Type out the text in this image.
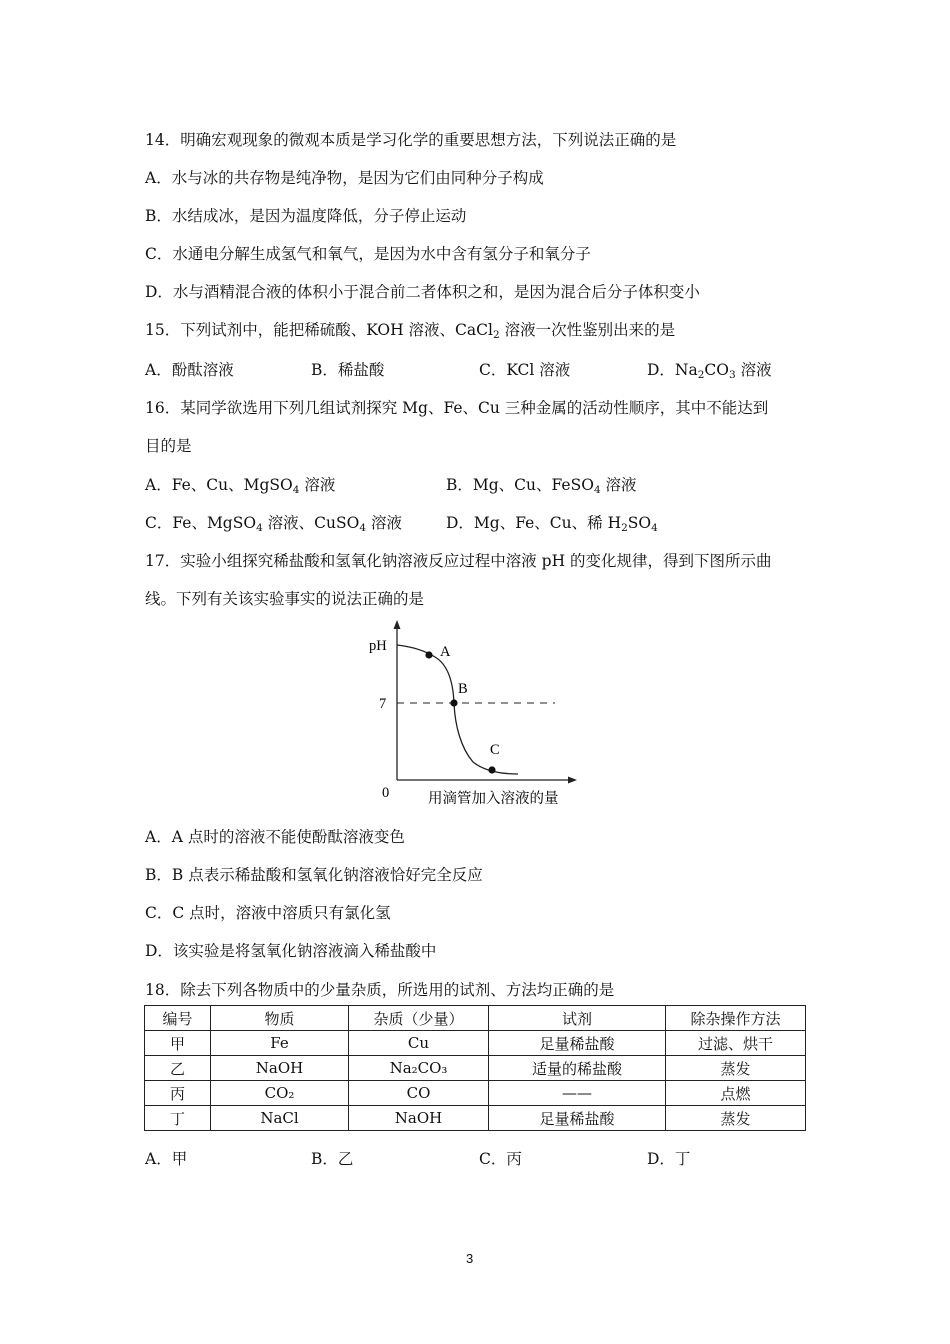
14．明确宏观现象的微观本质是学习化学的重要思想方法，下列说法正确的是
A．水与冰的共存物是纯净物，是因为它们由同种分子构成
B．水结成冰，是因为温度降低，分子停止运动
C．水通电分解生成氢气和氧气，是因为水中含有氢分子和氧分子
D．水与酒精混合液的体积小于混合前二者体积之和，是因为混合后分子体积变小
15．下列试剂中，能把稀硫酸、KOH 溶液、CaCl$_2$ 溶液一次性鉴别出来的是
A．酚酞溶液	B．稀盐酸	C．KCl 溶液	D．$Na_2CO_3$ 溶液
16．某同学欲选用下列几组试剂探究 Mg、Fe、Cu 三种金属的活动性顺序，其中不能达到
目的是
A．Fe、Cu、MgSO$_4$ 溶液	B．Mg、Cu、FeSO$_4$ 溶液
C．Fe、MgSO$_4$ 溶液、CuSO$_4$ 溶液	D．Mg、Fe、Cu、稀 $H_2SO_4$
17．实验小组探究稀盐酸和氢氧化钠溶液反应过程中溶液 pH 的变化规律，得到下图所示曲
线。下列有关该实验事实的说法正确的是
pH
7
0
A
B
C
用滴管加入溶液的量
A．A 点时的溶液不能使酚酞溶液变色
B．B 点表示稀盐酸和氢氧化钠溶液恰好完全反应
C．C 点时，溶液中溶质只有氯化氢
D．该实验是将氢氧化钠溶液滴入稀盐酸中
18．除去下列各物质中的少量杂质，所选用的试剂、方法均正确的是
编号	物质	杂质（少量）	试剂	除杂操作方法
甲	Fe	Cu	足量稀盐酸	过滤、烘干
乙	NaOH	Na₂CO₃	适量的稀盐酸	蒸发
丙	CO₂	CO	——	点燃
丁	NaCl	NaOH	足量稀盐酸	蒸发
A．甲	B．乙	C．丙	D．丁
3
